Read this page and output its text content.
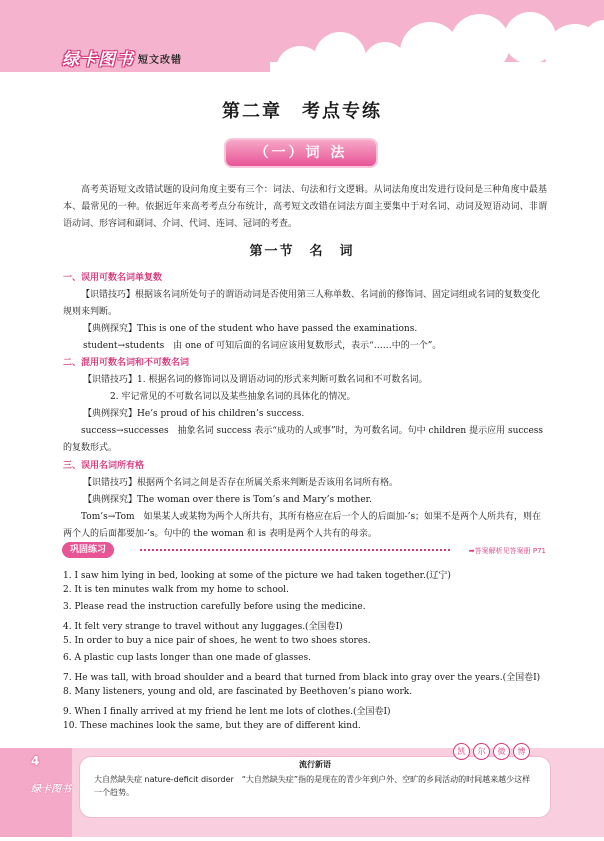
绿卡图书 短文改错
第二章　考点专练
（一）词 法
高考英语短文改错试题的设问角度主要有三个：词法、句法和行文逻辑。从词法角度出发进行设问是三种角度中最基本、最常见的一种。依据近年来高考考点分布统计，高考短文改错在词法方面主要集中于对名词、动词及短语动词、非谓语动词、形容词和副词、介词、代词、连词、冠词的考查。
第一节　名　词
一、误用可数名词单复数
【识错技巧】根据该名词所处句子的谓语动词是否使用第三人称单数、名词前的修饰词、固定词组或名词的复数变化规则来判断。
【典例探究】This is one of the student who have passed the examinations.
student→students　由 one of 可知后面的名词应该用复数形式，表示“……中的一个”。
二、混用可数名词和不可数名词
【识错技巧】1. 根据名词的修饰词以及谓语动词的形式来判断可数名词和不可数名词。
2. 牢记常见的不可数名词以及某些抽象名词的具体化的情况。
【典例探究】He’s proud of his children’s success.
success→successes　抽象名词 success 表示“成功的人或事”时，为可数名词。句中 children 提示应用 success 的复数形式。
三、误用名词所有格
【识错技巧】根据两个名词之间是否存在所属关系来判断是否该用名词所有格。
【典例探究】The woman over there is Tom’s and Mary’s mother.
Tom’s→Tom　如果某人或某物为两个人所共有，其所有格应在后一个人的后面加-’s；如果不是两个人所共有，则在两个人的后面都要加-’s。句中的 the woman 和 is 表明是两个人共有的母亲。
巩固练习	➡答案解析见答案册 P71
1. I saw him lying in bed, looking at some of the picture we had taken together.(辽宁)
2. It is ten minutes walk from my home to school.
3. Please read the instruction carefully before using the medicine.
4. It felt very strange to travel without any luggages.(全国卷Ⅰ)
5. In order to buy a nice pair of shoes, he went to two shoes stores.
6. A plastic cup lasts longer than one made of glasses.
7. He was tall, with broad shoulder and a beard that turned from black into gray over the years.(全国卷Ⅰ)
8. Many listeners, young and old, are fascinated by Beethoven’s piano work.
9. When I finally arrived at my friend he lent me lots of clothes.(全国卷Ⅰ)
10. These machines look the same, but they are of different kind.
4
绿卡图书
凯	尔	微	博
流行新语
大自然缺失症 nature-deficit disorder　“大自然缺失症”指的是现在的青少年到户外、空旷的乡间活动的时间越来越少这样一个趋势。
